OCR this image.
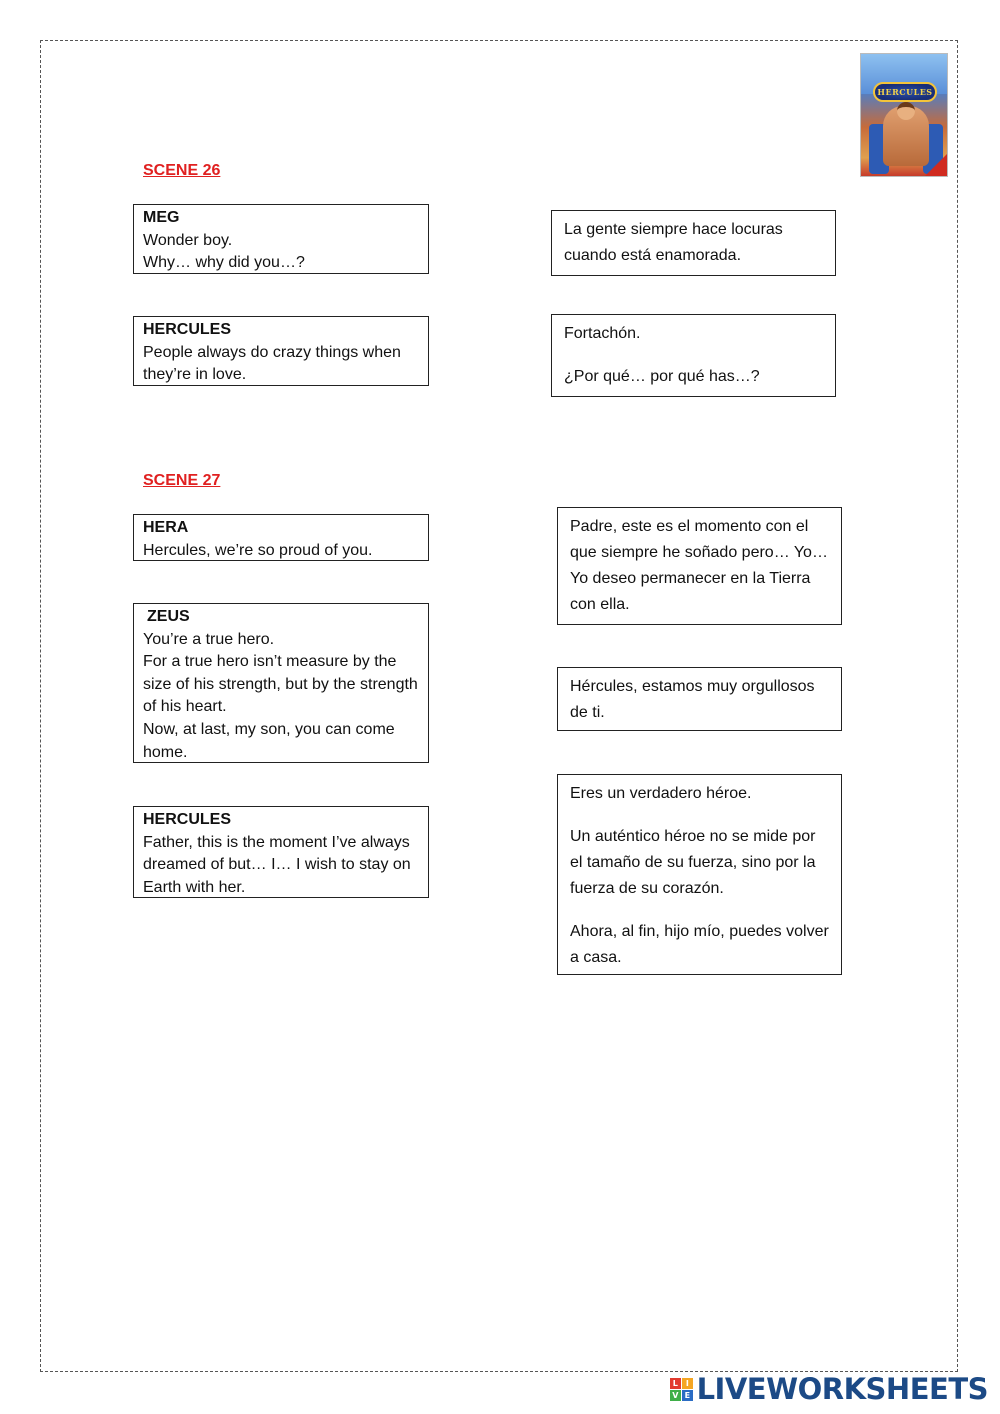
HERCULES
SCENE 26
MEG
Wonder boy.
Why… why did you…?
HERCULES
People always do crazy things when they’re in love.
La gente siempre hace locuras cuando está enamorada.
Fortachón.
¿Por qué… por qué has…?
SCENE 27
HERA
Hercules, we’re so proud of you.
ZEUS
You’re a true hero.
For a true hero isn’t measure by the size of his strength, but by the strength of his heart.
Now, at last, my son, you can come home.
HERCULES
Father, this is the moment I’ve always dreamed of but… I… I wish to stay on Earth with her.
Padre, este es el momento con el que siempre he soñado pero… Yo… Yo deseo permanecer en la Tierra con ella.
Hércules, estamos muy orgullosos de ti.
Eres un verdadero héroe.
Un auténtico héroe no se mide por el tamaño de su fuerza, sino por la fuerza de su corazón.
Ahora, al fin, hijo mío, puedes volver a casa.
L	I
V E LIVEWORKSHEETS
